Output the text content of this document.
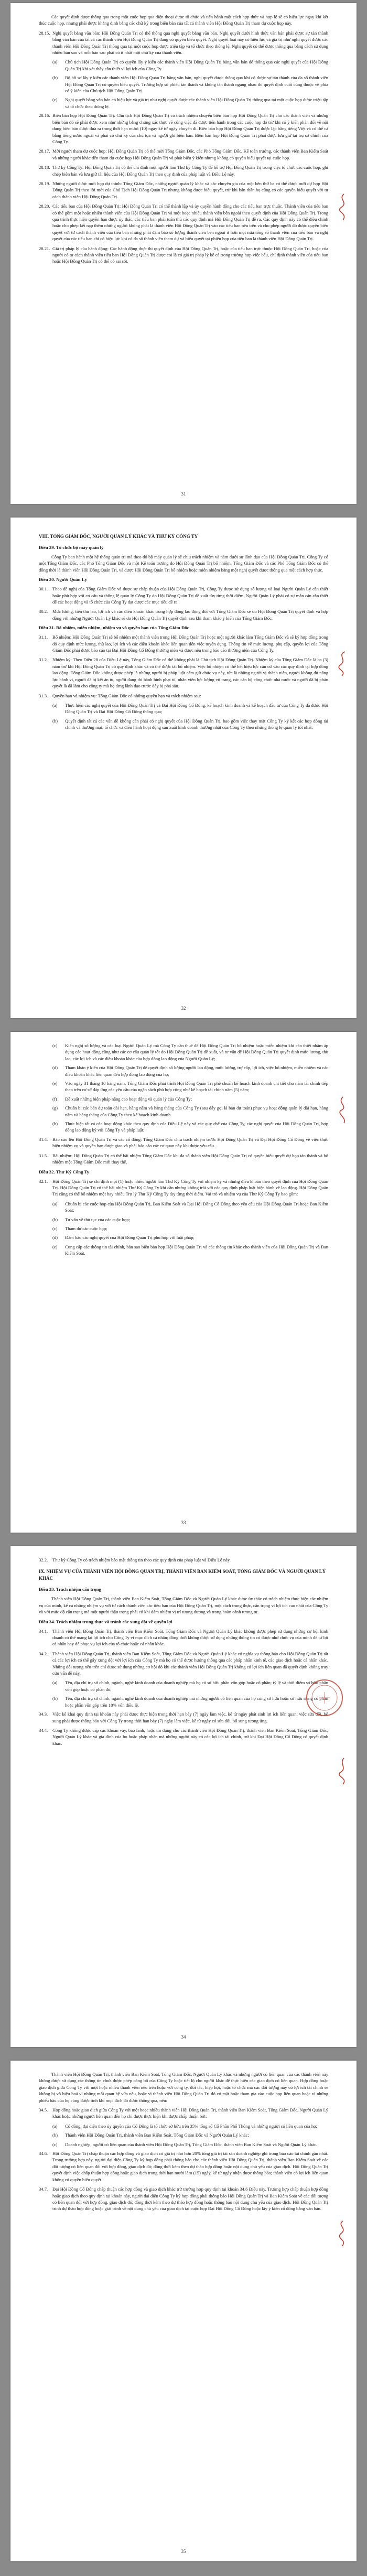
Các quyết định được thông qua trong một cuộc họp qua điện thoại được tổ chức và tiến hành một cách hợp thức và hợp lệ sẽ có hiệu lực ngay khi kết thúc cuộc họp, nhưng phải được khẳng định bằng các chữ ký trong biên bản của tất cả thành viên Hội Đồng Quản Trị tham dự cuộc họp này.

28.15. Nghị quyết bằng văn bản: Hội Đồng Quản Trị có thể thông qua nghị quyết bằng văn bản. Nghị quyết dưới hình thức văn bản phải được sự tán thành bằng văn bản của tất cả các thành viên Hội Đồng Quản Trị đang có quyền biểu quyết. Nghị quyết loại này có hiệu lực và giá trị như nghị quyết được các thành viên Hội Đồng Quản Trị thông qua tại một cuộc họp được triệu tập và tổ chức theo thông lệ. Nghị quyết có thể được thông qua bằng cách sử dụng nhiều bản sao và mỗi bản sao phải có ít nhất một chữ ký của thành viên.
(a)	Chủ tịch Hội Đồng Quản Trị có quyền lấy ý kiến các thành viên Hội Đồng Quản Trị bằng văn bản để thông qua các nghị quyết của Hội Đồng Quản Trị khi xét thấy cần thiết vì lợi ích của Công Ty.
(b)	Bộ hồ sơ lấy ý kiến các thành viên Hội Đồng Quản Trị bằng văn bản, nghị quyết được thông qua khi có được sự tán thành của đa số thành viên Hội Đồng Quản Trị có quyền biểu quyết. Trường hợp số phiếu tán thành và không tán thành ngang nhau thì quyết định cuối cùng thuộc về phía có ý kiến của Chủ tịch Hội Đồng Quản Trị.
(c)	Nghị quyết bằng văn bản có hiệu lực và giá trị như nghị quyết được các thành viên Hội Đồng Quản Trị thông qua tại một cuộc họp được triệu tập và tổ chức theo thông lệ.
28.16. Biên bản họp Hội Đồng Quản Trị: Chủ tịch Hội Đồng Quản Trị có trách nhiệm chuyển biên bản họp Hội Đồng Quản Trị cho các thành viên và những biên bản đó sẽ phải được xem như những bằng chứng xác thực về công việc đã được tiến hành trong các cuộc họp đó trừ khi có ý kiến phản đối về nội dung biên bản được đưa ra trong thời hạn mười (10) ngày kể từ ngày chuyển đi. Biên bản họp Hội Đồng Quản Trị được lập bằng tiếng Việt và có thể cả bằng tiếng nước ngoài và phải có chữ ký của chủ tọa và người ghi biên bản. Biên bản họp Hội Đồng Quản Trị phải được lưu giữ tại trụ sở chính của Công Ty.
28.17. Mời người tham dự cuộc họp: Hội Đồng Quản Trị có thể mời Tổng Giám Đốc, các Phó Tổng Giám Đốc, Kế toán trưởng, các thành viên Ban Kiểm Soát và những người khác đến tham dự cuộc họp Hội Đồng Quản Trị và phát biểu ý kiến nhưng không có quyền biểu quyết tại cuộc họp.
28.18. Thư ký Công Ty: Hội Đồng Quản Trị có thể chỉ định một người làm Thư ký Công Ty để hỗ trợ Hội Đồng Quản Trị trong việc tổ chức các cuộc họp, ghi chép biên bản và lưu giữ tài liệu của Hội Đồng Quản Trị theo quy định của pháp luật và Điều Lệ này.
28.19. Những người được mời họp dự thính: Tổng Giám Đốc, những người quản lý khác và các chuyên gia của một bên thứ ba có thể được mời dự họp Hội Đồng Quản Trị theo lời mời của Chủ Tịch Hội Đồng Quản Trị nhưng không được biểu quyết, trừ khi bản thân họ cũng có các quyền biểu quyết với tư cách thành viên Hội Đồng Quản Trị.
28.20. Các tiểu ban của Hội Đồng Quản Trị: Hội Đồng Quản Trị có thể thành lập và ủy quyền hành động cho các tiểu ban trực thuộc. Thành viên của tiểu ban có thể gồm một hoặc nhiều thành viên của Hội Đồng Quản Trị và một hoặc nhiều thành viên bên ngoài theo quyết định của Hội Đồng Quản Trị. Trong quá trình thực hiện quyền hạn được ủy thác, các tiểu ban phải tuân thủ các quy định mà Hội Đồng Quản Trị đề ra. Các quy định này có thể điều chỉnh hoặc cho phép kết nạp thêm những người không phải là thành viên Hội Đồng Quản Trị vào các tiểu ban nêu trên và cho phép người đó được quyền biểu quyết với tư cách thành viên của tiểu ban nhưng phải đảm bảo số lượng thành viên bên ngoài ít hơn một nửa tổng số thành viên của tiểu ban và nghị quyết của các tiểu ban chỉ có hiệu lực khi có đa số thành viên tham dự và biểu quyết tại phiên họp của tiểu ban là thành viên Hội Đồng Quản Trị.
28.21. Giá trị pháp lý của hành động: Các hành động thực thi quyết định của Hội Đồng Quản Trị, hoặc của tiểu ban trực thuộc Hội Đồng Quản Trị, hoặc của người có tư cách thành viên tiểu ban Hội Đồng Quản Trị được coi là có giá trị pháp lý kể cả trong trường hợp việc bầu, chỉ định thành viên của tiểu ban hoặc Hội Đồng Quản Trị có thể có sai sót.
31
VIII. TỔNG GIÁM ĐỐC, NGƯỜI QUẢN LÝ KHÁC VÀ THƯ KÝ CÔNG TY
Điều 29. Tổ chức bộ máy quản lý

Công Ty ban hành một hệ thống quản trị mà theo đó bộ máy quản lý sẽ chịu trách nhiệm và nằm dưới sự lãnh đạo của Hội Đồng Quản Trị. Công Ty có một Tổng Giám Đốc, các Phó Tổng Giám Đốc và một Kế toán trưởng do Hội Đồng Quản Trị bổ nhiệm. Tổng Giám Đốc và các Phó Tổng Giám Đốc có thể đồng thời là thành viên Hội Đồng Quản Trị, và được Hội Đồng Quản Trị bổ nhiệm hoặc miễn nhiệm bằng một nghị quyết được thông qua một cách hợp thức.

Điều 30. Người Quản Lý
30.1.	Theo đề nghị của Tổng Giám Đốc và được sự chấp thuận của Hội Đồng Quản Trị, Công Ty được sử dụng số lượng và loại Người Quản Lý cần thiết hoặc phù hợp với cơ cấu và thông lệ quản lý Công Ty do Hội Đồng Quản Trị đề xuất tùy từng thời điểm. Người Quản Lý phải có sự mẫn cán cần thiết để các hoạt động và tổ chức của Công Ty đạt được các mục tiêu đề ra.
30.2.	Mức lương, tiền thù lao, lợi ích và các điều khoản khác trong hợp đồng lao động đối với Tổng Giám Đốc sẽ do Hội Đồng Quản Trị quyết định và hợp đồng với những Người Quản Lý khác sẽ do Hội Đồng Quản Trị quyết định sau khi tham khảo ý kiến của Tổng Giám Đốc.
Điều 31. Bổ nhiệm, miễn nhiệm, nhiệm vụ và quyền hạn của Tổng Giám Đốc
31.1.	Bổ nhiệm: Hội Đồng Quản Trị sẽ bổ nhiệm một thành viên trong Hội Đồng Quản Trị hoặc một người khác làm Tổng Giám Đốc và sẽ ký hợp đồng trong đó quy định mức lương, thù lao, lợi ích và các điều khoản khác liên quan đến việc tuyển dụng. Thông tin về mức lương, phụ cấp, quyền lợi của Tổng Giám Đốc phải được báo cáo tại Đại Hội Đồng Cổ Đông thường niên và được nêu trong báo cáo thường niên của Công Ty.
31.2.	Nhiệm kỳ: Theo Điều 28 của Điều Lệ này, Tổng Giám Đốc có thể không phải là Chủ tịch Hội Đồng Quản Trị. Nhiệm kỳ của Tổng Giám Đốc là ba (3) năm trừ khi Hội Đồng Quản Trị có quy định khác và có thể được tái bổ nhiệm. Việc bổ nhiệm có thể hết hiệu lực căn cứ vào các quy định tại hợp đồng lao động. Tổng Giám Đốc không được phép là những người bị pháp luật cấm giữ chức vụ này, tức là những người vị thành niên, người không đủ năng lực hành vi, người đã bị kết án tù, người đang thi hành hình phạt tù, nhân viên lực lượng vũ trang, các cán bộ công chức nhà nước và người đã bị phán quyết là đã làm cho công ty mà họ từng lãnh đạo trước đây bị phá sản.
31.3.	Quyền hạn và nhiệm vụ: Tổng Giám Đốc có những quyền hạn và trách nhiệm sau:
(a)	Thực hiện các nghị quyết của Hội Đồng Quản Trị và Đại Hội Đồng Cổ Đông, kế hoạch kinh doanh và kế hoạch đầu tư của Công Ty đã được Hội Đồng Quản Trị và Đại Hội Đồng Cổ Đông thông qua;
(b)	Quyết định tất cả các vấn đề không cần phải có nghị quyết của Hội Đồng Quản Trị, bao gồm việc thay mặt Công Ty ký kết các hợp đồng tài chính và thương mại, tổ chức và điều hành hoạt động sản xuất kinh doanh thường nhật của Công Ty theo những thông lệ quản lý tốt nhất;
32
(c)	Kiến nghị số lượng và các loại Người Quản Lý mà Công Ty cần thuê để Hội Đồng Quản Trị bổ nhiệm hoặc miễn nhiệm khi cần thiết nhằm áp dụng các hoạt động cũng như các cơ cấu quản lý tốt do Hội Đồng Quản Trị đề xuất, và tư vấn để Hội Đồng Quản Trị quyết định mức lương, thù lao, các lợi ích và các điều khoản khác của hợp đồng lao động của Người Quản Lý;
(d)	Tham khảo ý kiến của Hội Đồng Quản Trị để quyết định số lượng người lao động, mức lương, trợ cấp, lợi ích, việc bổ nhiệm, miễn nhiệm và các điều khoản khác liên quan đến hợp đồng lao động của họ;
(e)	Vào ngày 31 tháng 10 hàng năm, Tổng Giám Đốc phải trình Hội Đồng Quản Trị phê chuẩn kế hoạch kinh doanh chi tiết cho năm tài chính tiếp theo trên cơ sở đáp ứng các yêu cầu của ngân sách phù hợp cũng như kế hoạch tài chính năm (5) năm;
(f)	Đề xuất những biện pháp nâng cao hoạt động và quản lý của Công Ty;
(g)	Chuẩn bị các bản dự toán dài hạn, hàng năm và hàng tháng của Công Ty (sau đây gọi là bản dự toán) phục vụ hoạt động quản lý dài hạn, hàng năm và hàng tháng của Công Ty theo kế hoạch kinh doanh.
(h)	Thực hiện tất cả các hoạt động khác theo quy định của Điều Lệ này và các quy chế của Công Ty, các nghị quyết của Hội Đồng Quản Trị, hợp đồng lao động ký với Công Ty và pháp luật;
31.4.	Báo cáo lên Hội Đồng Quản Trị và các cổ đông: Tổng Giám Đốc chịu trách nhiệm trước Hội Đồng Quản Trị và Đại Hội Đồng Cổ Đông về việc thực hiện nhiệm vụ và quyền hạn được giao và phải báo cáo các cơ quan này khi được yêu cầu.
31.5.	Bãi nhiệm: Hội Đồng Quản Trị có thể bãi nhiệm Tổng Giám Đốc khi đa số thành viên Hội Đồng Quản Trị có quyền biểu quyết dự họp tán thành và bổ nhiệm một Tổng Giám Đốc mới thay thế.
Điều 32. Thư Ký Công Ty
32.1.	Hội Đồng Quản Trị sẽ chỉ định một (1) hoặc nhiều người làm Thư Ký Công Ty với nhiệm kỳ và những điều khoản theo quyết định của Hội Đồng Quản Trị. Hội Đồng Quản Trị có thể bãi nhiệm Thư Ký Công Ty khi cần nhưng không trái với các quy định pháp luật hiện hành về lao động. Hội Đồng Quản Trị cũng có thể bổ nhiệm một hay nhiều Trợ lý Thư Ký Công Ty tùy từng thời điểm. Vai trò và nhiệm vụ của Thư Ký Công Ty bao gồm:
(a)	Chuẩn bị các cuộc họp của Hội Đồng Quản Trị, Ban Kiểm Soát và Đại Hội Đồng Cổ Đông theo yêu cầu của Hội Đồng Quản Trị hoặc Ban Kiểm Soát;
(b)	Tư vấn về thủ tục của các cuộc họp;
(c)	Tham dự các cuộc họp;
(d)	Đảm bảo các nghị quyết của Hội Đồng Quản Trị phù hợp với luật pháp;
(e)	Cung cấp các thông tin tài chính, bản sao biên bản họp Hội Đồng Quản Trị và các thông tin khác cho thành viên của Hội Đồng Quản Trị và Ban Kiểm Soát.
33
32.2.	Thư ký Công Ty có trách nhiệm bảo mật thông tin theo các quy định của pháp luật và Điều Lệ này.
IX. NHIỆM VỤ CỦA THÀNH VIÊN HỘI ĐỒNG QUẢN TRỊ, THÀNH VIÊN BAN KIỂM SOÁT, TỔNG GIÁM ĐỐC VÀ NGƯỜI QUẢN LÝ KHÁC
Điều 33. Trách nhiệm cẩn trọng

Thành viên Hội Đồng Quản Trị, thành viên Ban Kiểm Soát, Tổng Giám Đốc và Người Quản Lý khác được ủy thác có trách nhiệm thực hiện các nhiệm vụ của mình, kể cả những nhiệm vụ với tư cách thành viên các tiểu ban của Hội Đồng Quản Trị, một cách trung thực, cẩn trọng vì lợi ích cao nhất của Công Ty và với mức độ cẩn trọng mà một người thận trọng phải có khi đảm nhiệm vị trí tương đương và trong hoàn cảnh tương tự.

Điều 34. Trách nhiệm trung thực và tránh các xung đột về quyền lợi
34.1.	Thành viên Hội Đồng Quản Trị, thành viên Ban Kiểm Soát, Tổng Giám Đốc và Người Quản Lý khác không được phép sử dụng những cơ hội kinh doanh có thể mang lại lợi ích cho Công Ty vì mục đích cá nhân; đồng thời không được sử dụng những thông tin có được nhờ chức vụ của mình để tư lợi cá nhân hay để phục vụ lợi ích của tổ chức hoặc cá nhân khác.
34.2.	Thành viên Hội Đồng Quản Trị, thành viên Ban Kiểm Soát, Tổng Giám Đốc và Người Quản Lý khác có nghĩa vụ thông báo cho Hội Đồng Quản Trị tất cả các lợi ích có thể gây xung đột với lợi ích của Công Ty mà họ có thể được hưởng thông qua các pháp nhân kinh tế, các giao dịch hoặc cá nhân khác. Những đối tượng nêu trên chỉ được sử dụng những cơ hội đó khi các thành viên Hội Đồng Quản Trị không có lợi ích liên quan đã quyết định không truy cứu vấn đề này.
(a)	Tên, địa chỉ trụ sở chính, ngành, nghề kinh doanh của doanh nghiệp mà họ có sở hữu phần vốn góp hoặc cổ phần; tỷ lệ và thời điểm sở hữu phần vốn góp hoặc cổ phần đó;
(b)	Tên, địa chỉ trụ sở chính, ngành, nghề kinh doanh của doanh nghiệp mà những người có liên quan của họ cùng sở hữu hoặc sở hữu riêng cổ phần hoặc phần vốn góp trên 10% vốn điều lệ.
34.3.	Việc kê khai quy định tại khoản này phải được thực hiện trong thời hạn bảy (7) ngày làm việc, kể từ ngày phát sinh lợi ích liên quan; việc sửa đổi, bổ sung phải được thông báo với Công Ty trong thời hạn bảy (7) ngày làm việc, kể từ ngày có sửa đổi, bổ sung tương ứng.
34.4.	Công Ty không được cấp các khoản vay, bảo lãnh, hoặc tín dụng cho các thành viên Hội Đồng Quản Trị, thành viên Ban Kiểm Soát, Tổng Giám Đốc, Người Quản Lý khác và gia đình của họ hoặc pháp nhân mà những người này có các lợi ích tài chính, trừ khi Đại Hội Đồng Cổ Đông có quyết định khác.
34

Thành viên Hội Đồng Quản Trị, thành viên Ban Kiểm Soát, Tổng Giám Đốc, Người Quản Lý khác và những người có liên quan của các thành viên này không được sử dụng các thông tin chưa được phép công bố của Công Ty hoặc tiết lộ cho người khác để thực hiện các giao dịch có liên quan. Hợp đồng hoặc giao dịch giữa Công Ty với một hoặc nhiều thành viên nêu trên hoặc với công ty, đối tác, hiệp hội, hoặc tổ chức mà các đối tượng này có lợi ích tài chính sẽ không bị vô hiệu hoá vì những mối quan hệ vừa nêu, hoặc vì thành viên Hội Đồng Quản Trị đó có mặt hoặc tham gia vào cuộc họp liên quan hoặc vì những phiếu bầu của họ cũng được tính khi mục đích đó được thông qua, nếu:

34.5.	Hợp đồng hoặc giao dịch giữa Công Ty với một hoặc nhiều thành viên Hội Đồng Quản Trị, thành viên Ban Kiểm Soát, Tổng Giám Đốc, Người Quản Lý khác hoặc những người liên quan đến họ chỉ được thực hiện khi được chấp thuận bởi:
(a)	Cổ đông, đại diện theo ủy quyền của Cổ Đông là tổ chức sở hữu trên 35% tổng số Cổ Phần Phổ Thông và những người có liên quan của họ;
(b)	Thành viên Hội Đồng Quản Trị, thành viên Ban Kiểm Soát, Tổng Giám Đốc và Người Quản Lý khác;
(c)	Doanh nghiệp, người có liên quan của thành viên Hội Đồng Quản Trị, Tổng Giám Đốc, thành viên Ban Kiểm Soát và Người Quản Lý khác.
34.6.	Hội Đồng Quản Trị chấp thuận các hợp đồng và giao dịch có giá trị nhỏ hơn 20% tổng giá trị tài sản doanh nghiệp ghi trong báo cáo tài chính gần nhất. Trong trường hợp này, người đại diện Công Ty ký hợp đồng phải thông báo cho các thành viên Hội Đồng Quản Trị, thành viên Ban Kiểm Soát về các đối tượng có liên quan đối với hợp đồng, giao dịch đó; đồng thời kèm theo dự thảo hợp đồng hoặc nội dung chủ yếu của giao dịch. Hội Đồng Quản Trị quyết định việc chấp thuận hợp đồng hoặc giao dịch trong thời hạn mười lăm (15) ngày, kể từ ngày nhận được thông báo; thành viên có lợi ích liên quan không có quyền biểu quyết.
34.7.	Đại Hội Đồng Cổ Đông chấp thuận các hợp đồng và giao dịch khác trừ trường hợp quy định tại khoản 34.6 Điều này. Trường hợp chấp thuận hợp đồng hoặc giao dịch theo quy định tại khoản này, người đại diện Công Ty ký hợp đồng phải thông báo Hội Đồng Quản Trị và Ban Kiểm Soát về các đối tượng có liên quan đối với hợp đồng, giao dịch đó; đồng thời kèm theo dự thảo hợp đồng hoặc thông báo nội dung chủ yếu của giao dịch. Hội Đồng Quản Trị trình dự thảo hợp đồng hoặc giải trình về nội dung chủ yếu của giao dịch tại cuộc họp Đại Hội Đồng Cổ Đông hoặc lấy ý kiến cổ đông bằng văn bản.
35
